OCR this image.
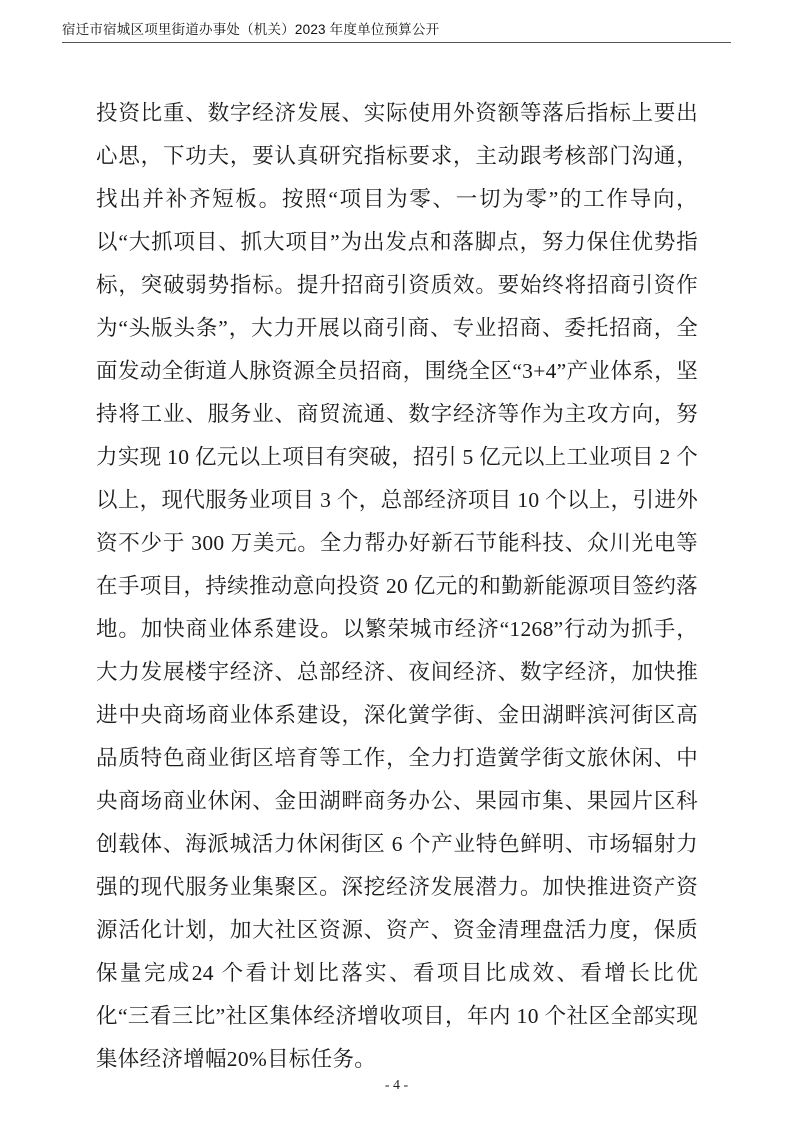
宿迁市宿城区项里街道办事处（机关）2023 年度单位预算公开

投资比重、数字经济发展、实际使用外资额等落后指标上要出心思，下功夫，要认真研究指标要求，主动跟考核部门沟通，找出并补齐短板。按照“项目为零、一切为零”的工作导向，以“大抓项目、抓大项目”为出发点和落脚点，努力保住优势指标，突破弱势指标。提升招商引资质效。要始终将招商引资作为“头版头条”，大力开展以商引商、专业招商、委托招商，全面发动全街道人脉资源全员招商，围绕全区“3+4”产业体系，坚持将工业、服务业、商贸流通、数字经济等作为主攻方向，努力实现 10 亿元以上项目有突破，招引 5 亿元以上工业项目 2 个以上，现代服务业项目 3 个，总部经济项目 10 个以上，引进外资不少于 300 万美元。全力帮办好新石节能科技、众川光电等在手项目，持续推动意向投资 20 亿元的和勤新能源项目签约落地。加快商业体系建设。以繁荣城市经济“1268”行动为抓手，大力发展楼宇经济、总部经济、夜间经济、数字经济，加快推进中央商场商业体系建设，深化黉学街、金田湖畔滨河街区高品质特色商业街区培育等工作，全力打造黉学街文旅休闲、中央商场商业休闲、金田湖畔商务办公、果园市集、果园片区科创载体、海派城活力休闲街区 6 个产业特色鲜明、市场辐射力强的现代服务业集聚区。深挖经济发展潜力。加快推进资产资源活化计划，加大社区资源、资产、资金清理盘活力度，保质保量完成24 个看计划比落实、看项目比成效、看增长比优化“三看三比”社区集体经济增收项目，年内 10 个社区全部实现集体经济增幅20%目标任务。

- 4 -
